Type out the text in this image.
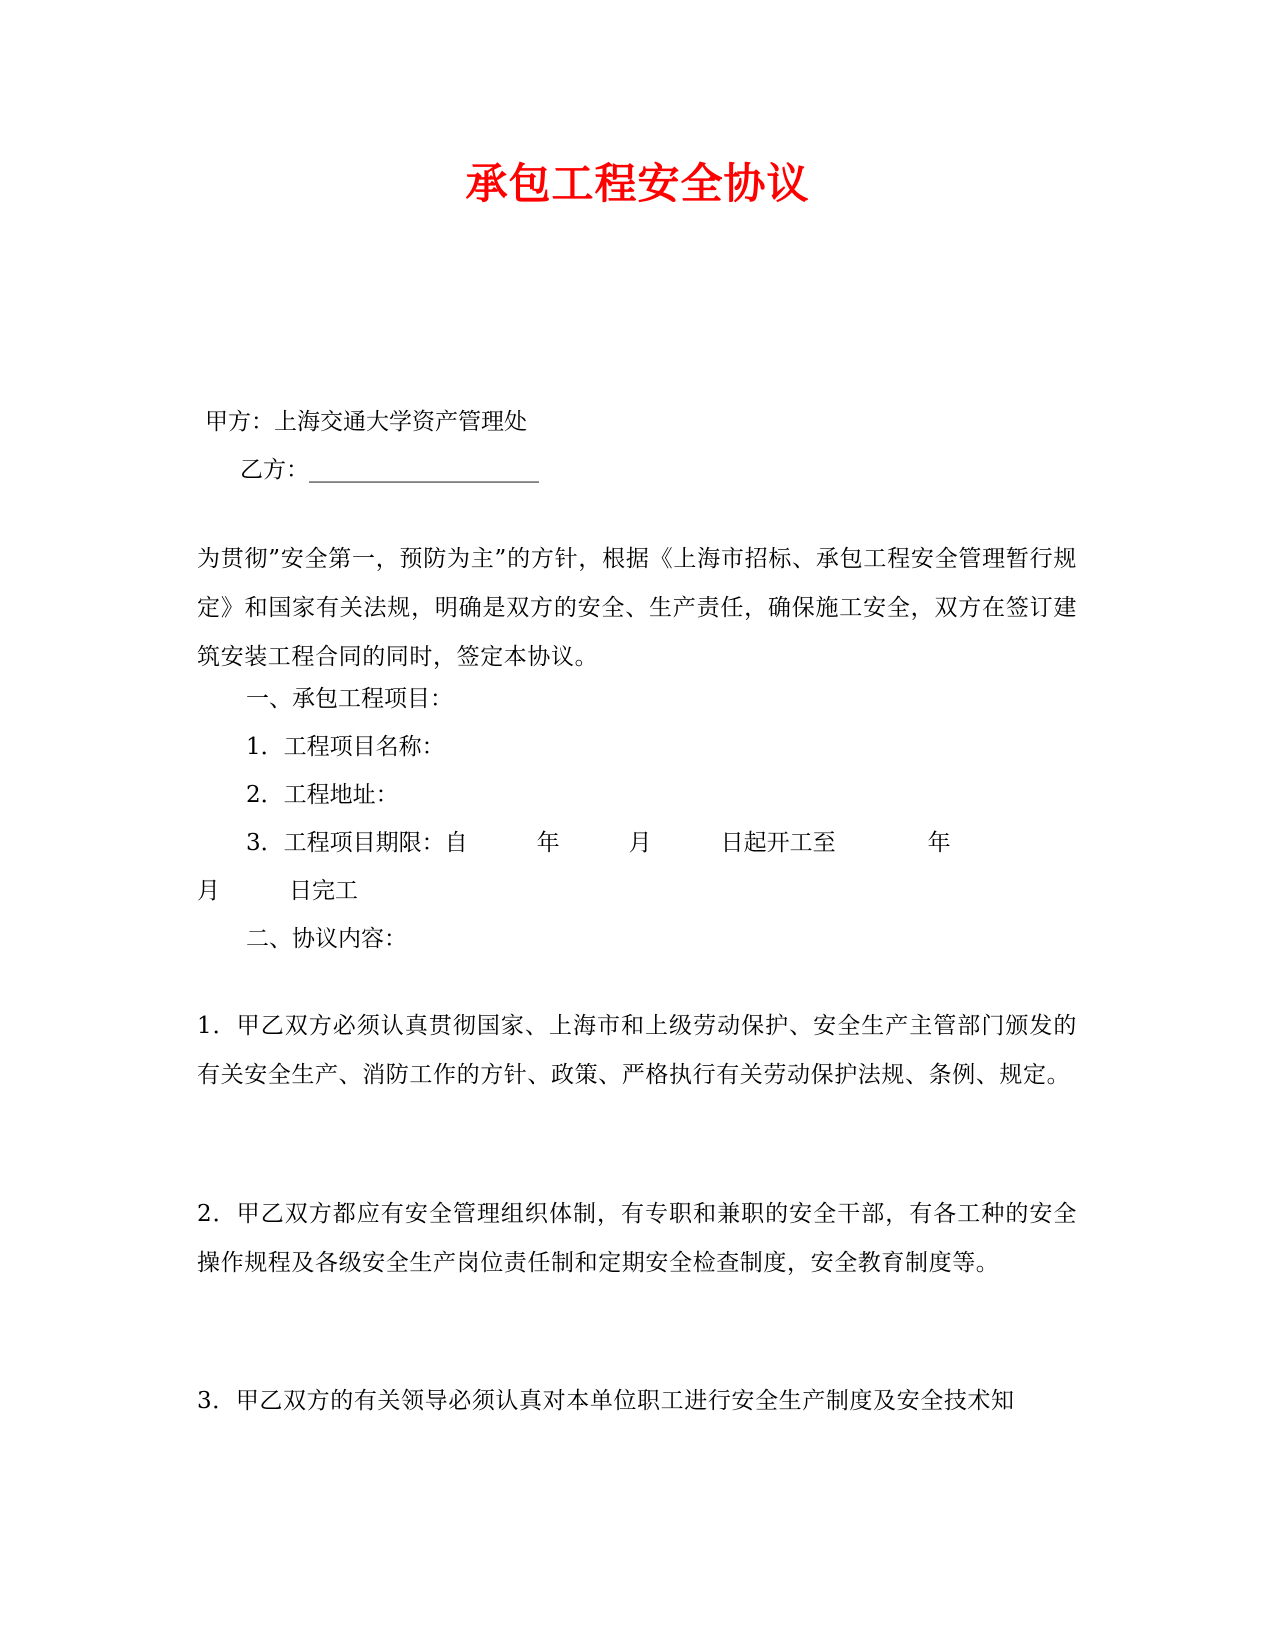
承包工程安全协议
甲方：上海交通大学资产管理处
乙方：____________________
为贯彻”安全第一，预防为主”的方针，根据《上海市招标、承包工程安全管理暂行规定》和国家有关法规，明确是双方的安全、生产责任，确保施工安全，双方在签订建筑安装工程合同的同时，签定本协议。
一、承包工程项目：
1．工程项目名称：
2．工程地址：
3．工程项目期限：自　　　年　　　月　　　日起开工至　　　　年
月　　　日完工
二、协议内容：
1．甲乙双方必须认真贯彻国家、上海市和上级劳动保护、安全生产主管部门颁发的有关安全生产、消防工作的方针、政策、严格执行有关劳动保护法规、条例、规定。
2．甲乙双方都应有安全管理组织体制，有专职和兼职的安全干部，有各工种的安全操作规程及各级安全生产岗位责任制和定期安全检查制度，安全教育制度等。
3．甲乙双方的有关领导必须认真对本单位职工进行安全生产制度及安全技术知
